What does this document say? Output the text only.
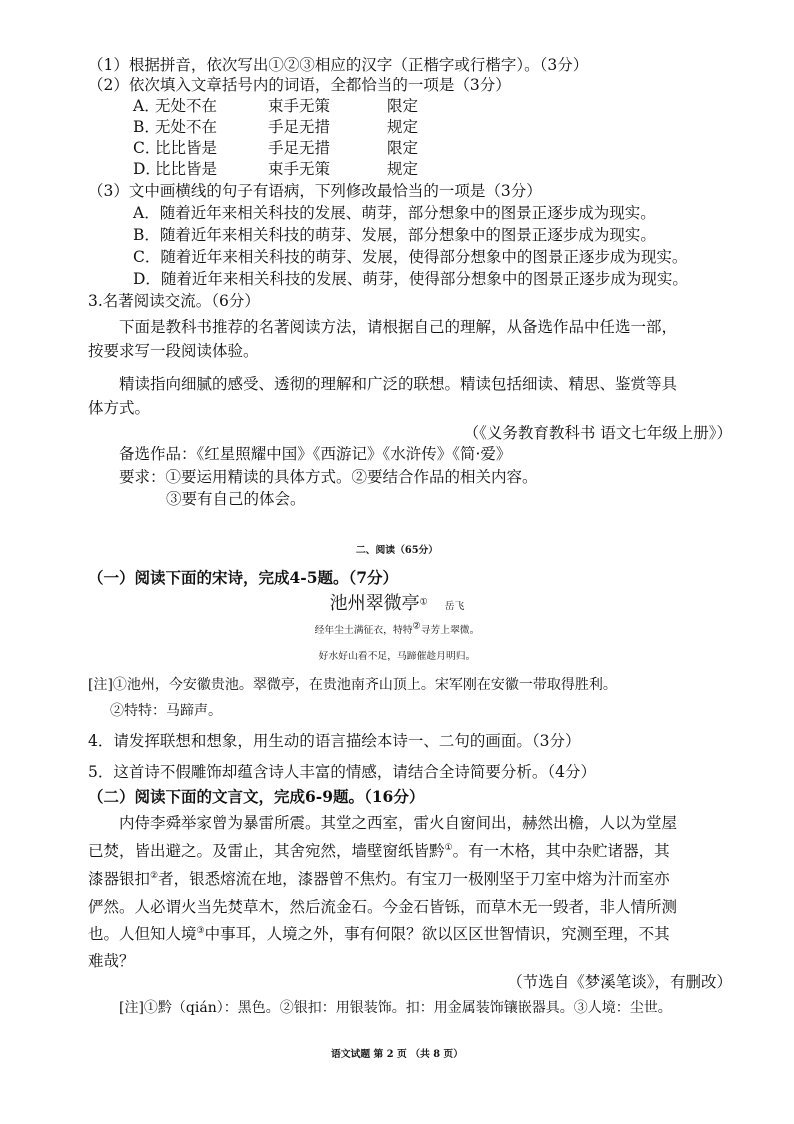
（1）根据拼音，依次写出①②③相应的汉字（正楷字或行楷字）。（3分）
（2）依次填入文章括号内的词语，全都恰当的一项是（3分）
A．
无处不在	束手无策	限定
B．
无处不在	手足无措	规定
C．
比比皆是	手足无措	限定
D．
比比皆是	束手无策	规定
（3）文中画横线的句子有语病，下列修改最恰当的一项是（3分）
A．随着近年来相关科技的发展、萌芽，部分想象中的图景正逐步成为现实。
B．随着近年来相关科技的萌芽、发展，部分想象中的图景正逐步成为现实。
C．随着近年来相关科技的萌芽、发展，使得部分想象中的图景正逐步成为现实。
D．随着近年来相关科技的发展、萌芽，使得部分想象中的图景正逐步成为现实。
3.名著阅读交流。（6分）
下面是教科书推荐的名著阅读方法，请根据自己的理解，从备选作品中任选一部，
按要求写一段阅读体验。
精读指向细腻的感受、透彻的理解和广泛的联想。精读包括细读、精思、鉴赏等具
体方式。
（《义务教育教科书 语文七年级上册》）
备选作品：《红星照耀中国》《西游记》《水浒传》《简·爱》
要求：①要运用精读的具体方式。②要结合作品的相关内容。
③要有自己的体会。
二、阅读（65分）
（一）阅读下面的宋诗，完成4-5题。（7分）
池州翠微亭① 岳飞
经年尘土满征衣，特特②寻芳上翠微。
好水好山看不足，马蹄催趁月明归。
[注]①池州，今安徽贵池。翠微亭，在贵池南齐山顶上。宋军刚在安徽一带取得胜利。
②特特：马蹄声。
4．请发挥联想和想象，用生动的语言描绘本诗一、二句的画面。（3分）
5．这首诗不假雕饰却蕴含诗人丰富的情感，请结合全诗简要分析。（4分）
（二）阅读下面的文言文，完成6-9题。（16分）
内侍李舜举家曾为暴雷所震。其堂之西室，雷火自窗间出，赫然出檐，人以为堂屋
已焚，皆出避之。及雷止，其舍宛然，墙壁窗纸皆黔①。有一木格，其中杂贮诸器，其
漆器银扣②者，银悉熔流在地，漆器曾不焦灼。有宝刀一极刚坚于刀室中熔为汁而室亦
俨然。人必谓火当先焚草木，然后流金石。今金石皆铄，而草木无一毁者，非人情所测
也。人但知人境③中事耳，人境之外，事有何限？欲以区区世智情识，究测至理，不其
难哉？
（节选自《梦溪笔谈》，有删改）
[注]①黔（qián）：黑色。②银扣：用银装饰。扣：用金属装饰镶嵌器具。③人境：尘世。
语文试题 第 2 页 （共 8 页）
